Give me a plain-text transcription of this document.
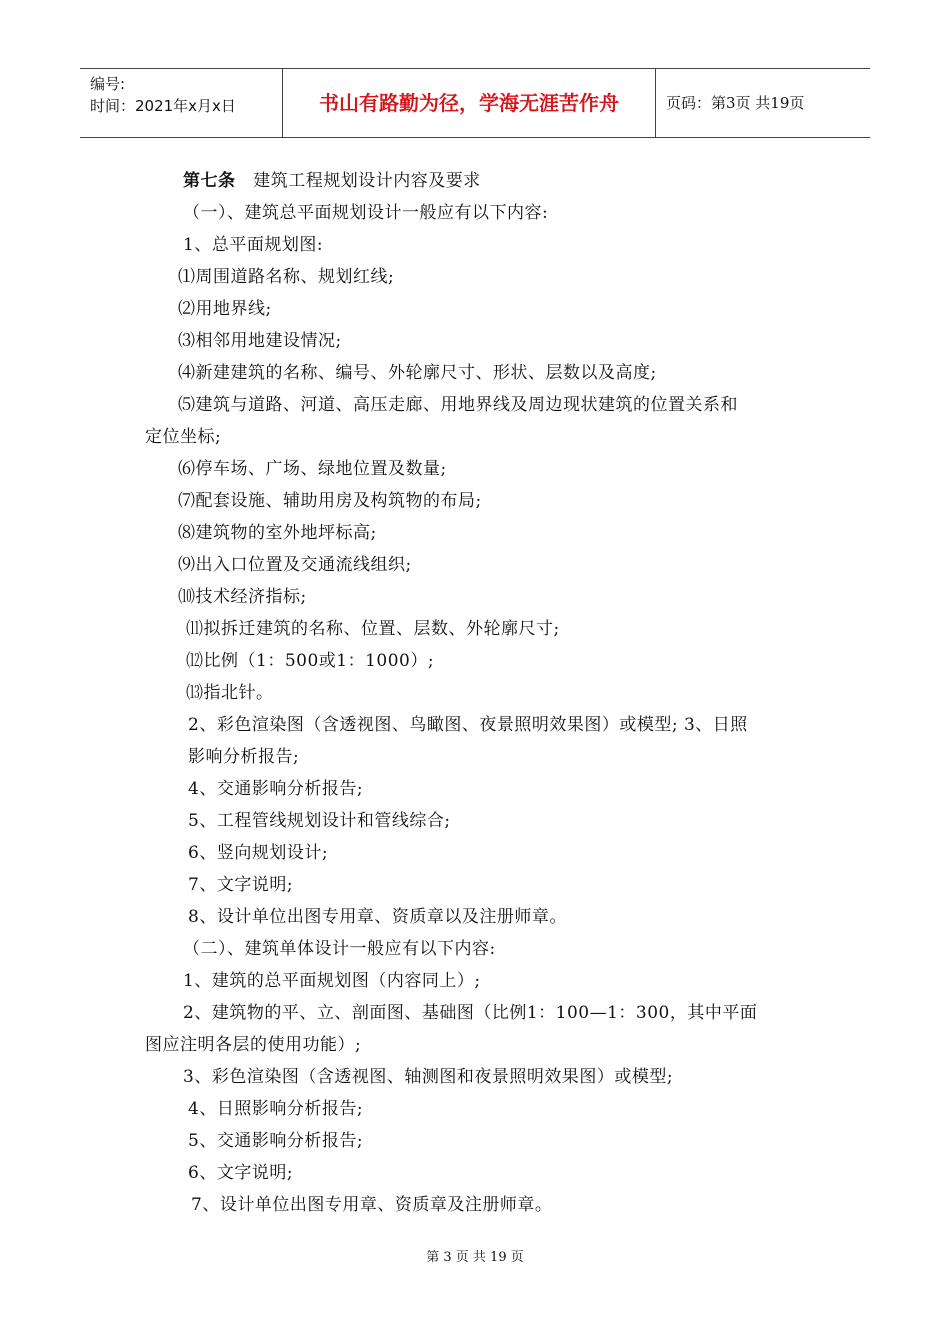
编号:
时间：2021年x月x日	书山有路勤为径，学海无涯苦作舟	页码：第3页 共19页
第七条 建筑工程规划设计内容及要求
（一）、建筑总平面规划设计一般应有以下内容:
1、总平面规划图:
⑴周围道路名称、规划红线;
⑵用地界线;
⑶相邻用地建设情况;
⑷新建建筑的名称、编号、外轮廓尺寸、形状、层数以及高度;
⑸建筑与道路、河道、高压走廊、用地界线及周边现状建筑的位置关系和
定位坐标;
⑹停车场、广场、绿地位置及数量;
⑺配套设施、辅助用房及构筑物的布局;
⑻建筑物的室外地坪标高;
⑼出入口位置及交通流线组织;
⑽技术经济指标;
⑾拟拆迁建筑的名称、位置、层数、外轮廓尺寸;
⑿比例（1：500或1：1000）;
⒀指北针。
2、彩色渲染图（含透视图、鸟瞰图、夜景照明效果图）或模型; 3、日照
影响分析报告;
4、交通影响分析报告;
5、工程管线规划设计和管线综合;
6、竖向规划设计;
7、文字说明;
8、设计单位出图专用章、资质章以及注册师章。
（二）、建筑单体设计一般应有以下内容:
1、建筑的总平面规划图（内容同上）;
2、建筑物的平、立、剖面图、基础图（比例1：100—1：300，其中平面
图应注明各层的使用功能）;
3、彩色渲染图（含透视图、轴测图和夜景照明效果图）或模型;
4、日照影响分析报告;
5、交通影响分析报告;
6、文字说明;
7、设计单位出图专用章、资质章及注册师章。
第 3 页 共 19 页
